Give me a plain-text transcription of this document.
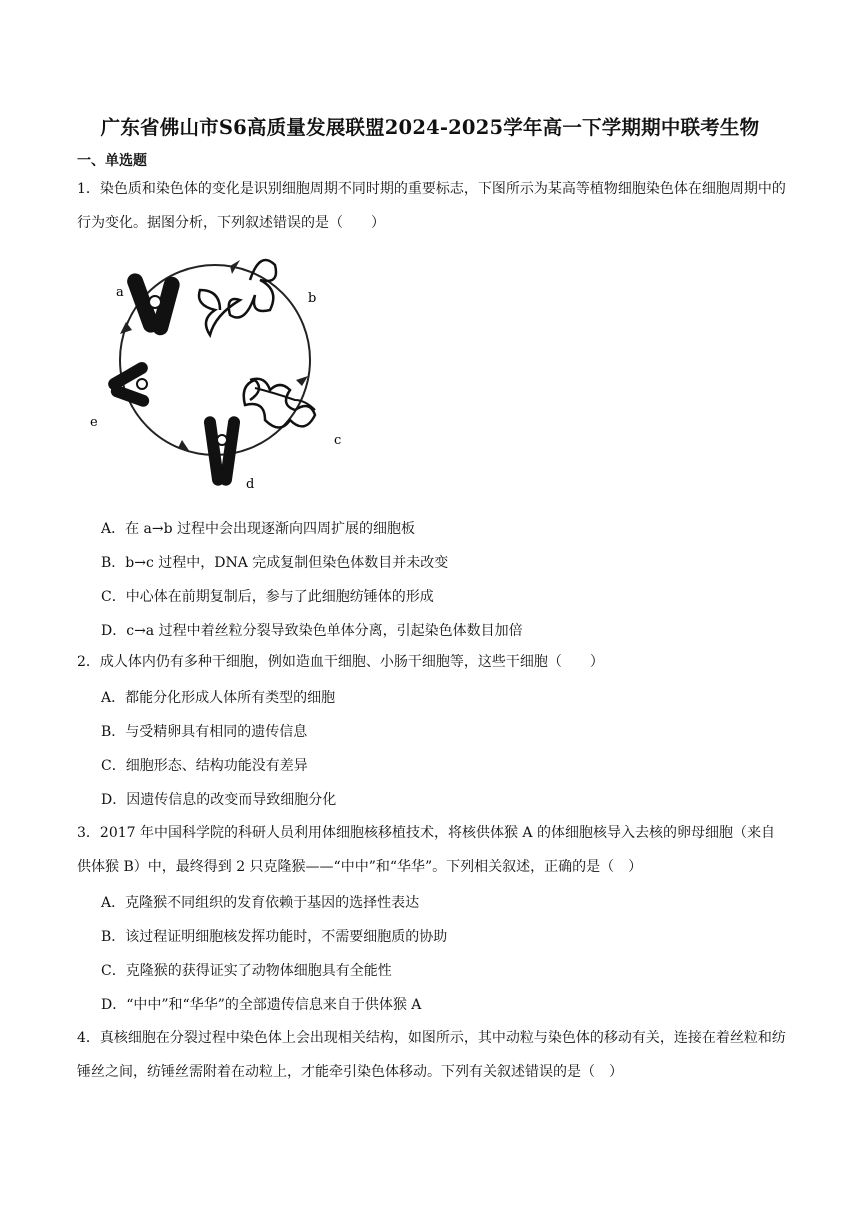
广东省佛山市S6高质量发展联盟2024-2025学年高一下学期期中联考生物
一、单选题
1．染色质和染色体的变化是识别细胞周期不同时期的重要标志，下图所示为某高等植物细胞染色体在细胞周期中的行为变化。据图分析，下列叙述错误的是（　　）
a	b
c
d
e
A．在 a→b 过程中会出现逐渐向四周扩展的细胞板
B．b→c 过程中，DNA 完成复制但染色体数目并未改变
C．中心体在前期复制后，参与了此细胞纺锤体的形成
D．c→a 过程中着丝粒分裂导致染色单体分离，引起染色体数目加倍
2．成人体内仍有多种干细胞，例如造血干细胞、小肠干细胞等，这些干细胞（　　）
A．都能分化形成人体所有类型的细胞
B．与受精卵具有相同的遗传信息
C．细胞形态、结构功能没有差异
D．因遗传信息的改变而导致细胞分化
3．2017 年中国科学院的科研人员利用体细胞核移植技术，将核供体猴 A 的体细胞核导入去核的卵母细胞（来自供体猴 B）中，最终得到 2 只克隆猴——“中中”和“华华”。下列相关叙述，正确的是（　）
A．克隆猴不同组织的发育依赖于基因的选择性表达
B．该过程证明细胞核发挥功能时，不需要细胞质的协助
C．克隆猴的获得证实了动物体细胞具有全能性
D．“中中”和“华华”的全部遗传信息来自于供体猴 A
4．真核细胞在分裂过程中染色体上会出现相关结构，如图所示，其中动粒与染色体的移动有关，连接在着丝粒和纺锤丝之间，纺锤丝需附着在动粒上，才能牵引染色体移动。下列有关叙述错误的是（　）
